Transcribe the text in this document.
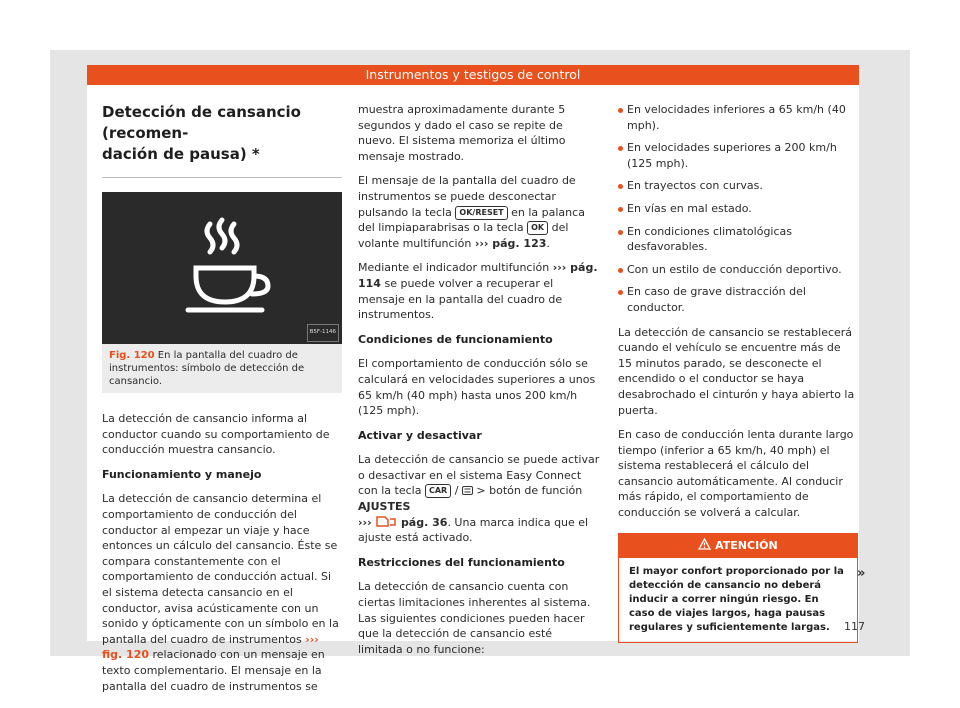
Instrumentos y testigos de control
Detección de cansancio (recomen-
dación de pausa) *
B5F-1146
Fig. 120 En la pantalla del cuadro de instrumentos: símbolo de detección de cansancio.

La detección de cansancio informa al conductor cuando su comportamiento de conducción muestra cansancio.

Funcionamiento y manejo

La detección de cansancio determina el comportamiento de conducción del conductor al empezar un viaje y hace entonces un cálculo del cansancio. Éste se compara constantemente con el comportamiento de conducción actual. Si el sistema detecta cansancio en el conductor, avisa acústicamente con un sonido y ópticamente con un símbolo en la pantalla del cuadro de instrumentos ››› fig. 120 relacionado con un mensaje en texto complementario. El mensaje en la pantalla del cuadro de instrumentos se

muestra aproximadamente durante 5 segundos y dado el caso se repite de nuevo. El sistema memoriza el último mensaje mostrado.

El mensaje de la pantalla del cuadro de instrumentos se puede desconectar pulsando la tecla OK/RESET en la palanca del limpiaparabrisas o la tecla OK del volante multifunción ››› pág. 123.

Mediante el indicador multifunción ››› pág. 114 se puede volver a recuperar el mensaje en la pantalla del cuadro de instrumentos.

Condiciones de funcionamiento

El comportamiento de conducción sólo se calculará en velocidades superiores a unos 65 km/h (40 mph) hasta unos 200 km/h (125 mph).

Activar y desactivar

La detección de cansancio se puede activar o desactivar en el sistema Easy Connect con la tecla CAR /  > botón de función AJUSTES
›››  pág. 36. Una marca indica que el ajuste está activado.

Restricciones del funcionamiento

La detección de cansancio cuenta con ciertas limitaciones inherentes al sistema. Las siguientes condiciones pueden hacer que la detección de cansancio esté limitada o no funcione:

En velocidades inferiores a 65 km/h (40 mph).
En velocidades superiores a 200 km/h (125 mph).
En trayectos con curvas.
En vías en mal estado.
En condiciones climatológicas desfavorables.
Con un estilo de conducción deportivo.
En caso de grave distracción del conductor.

La detección de cansancio se restablecerá cuando el vehículo se encuentre más de 15 minutos parado, se desconecte el encendido o el conductor se haya desabrochado el cinturón y haya abierto la puerta.

En caso de conducción lenta durante largo tiempo (inferior a 65 km/h, 40 mph) el sistema restablecerá el cálculo del cansancio automáticamente. Al conducir más rápido, el comportamiento de conducción se volverá a calcular.

ATENCIÓN
El mayor confort proporcionado por la detección de cansancio no deberá inducir a correr ningún riesgo. En caso de viajes largos, haga pausas regulares y suficientemente largas.
»
117
